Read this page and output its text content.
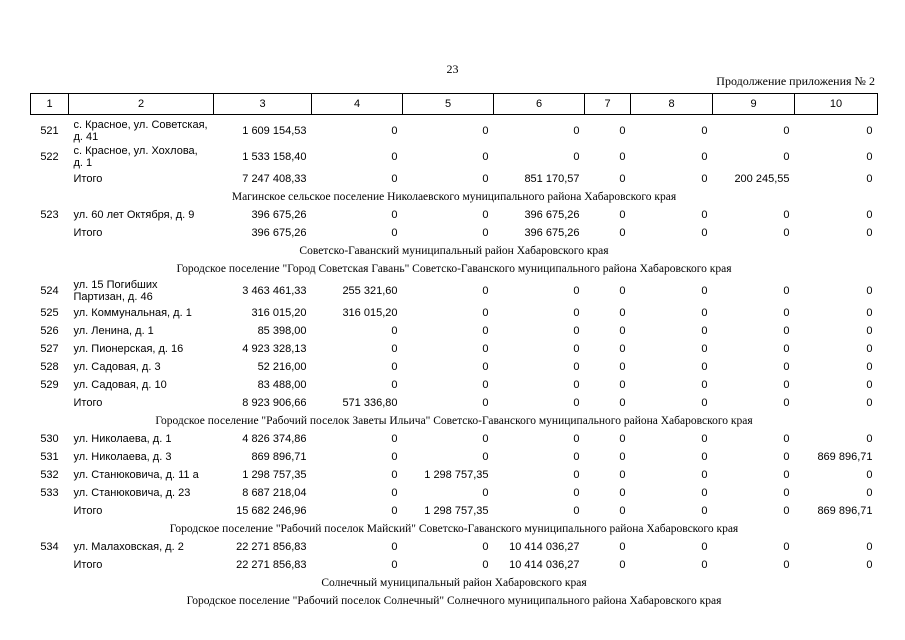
23
Продолжение приложения № 2
1	2	3	4	5	6	7	8	9	10

521	с. Красное, ул. Советская, д. 41	1 609 154,53	0	0	0	0	0	0	0
522	с. Красное, ул. Хохлова, д. 1	1 533 158,40	0	0	0	0	0	0	0
	Итого	7 247 408,33	0	0	851 170,57	0	0	200 245,55	0
Магинское сельское поселение Николаевского муниципального района Хабаровского края									
523	ул. 60 лет Октября, д. 9	396 675,26	0	0	396 675,26	0	0	0	0
	Итого	396 675,26	0	0	396 675,26	0	0	0	0
Советско-Гаванский муниципальный район Хабаровского края									
Городское поселение "Город Советская Гавань" Советско-Гаванского муниципального района Хабаровского края									
524	ул. 15 Погибших Партизан, д. 46	3 463 461,33	255 321,60	0	0	0	0	0	0
525	ул. Коммунальная, д. 1	316 015,20	316 015,20	0	0	0	0	0	0
526	ул. Ленина, д. 1	85 398,00	0	0	0	0	0	0	0
527	ул. Пионерская, д. 16	4 923 328,13	0	0	0	0	0	0	0
528	ул. Садовая, д. 3	52 216,00	0	0	0	0	0	0	0
529	ул. Садовая, д. 10	83 488,00	0	0	0	0	0	0	0
	Итого	8 923 906,66	571 336,80	0	0	0	0	0	0
Городское поселение "Рабочий поселок Заветы Ильича" Советско-Гаванского муниципального района Хабаровского края									
530	ул. Николаева, д. 1	4 826 374,86	0	0	0	0	0	0	0
531	ул. Николаева, д. 3	869 896,71	0	0	0	0	0	0	869 896,71
532	ул. Станюковича, д. 11 а	1 298 757,35	0	1 298 757,35	0	0	0	0	0
533	ул. Станюковича, д. 23	8 687 218,04	0	0	0	0	0	0	0
	Итого	15 682 246,96	0	1 298 757,35	0	0	0	0	869 896,71
Городское поселение "Рабочий поселок Майский" Советско-Гаванского муниципального района Хабаровского края									
534	ул. Малаховская, д. 2	22 271 856,83	0	0	10 414 036,27	0	0	0	0
	Итого	22 271 856,83	0	0	10 414 036,27	0	0	0	0
Солнечный муниципальный район Хабаровского края									
Городское поселение "Рабочий поселок Солнечный" Солнечного муниципального района Хабаровского края									
